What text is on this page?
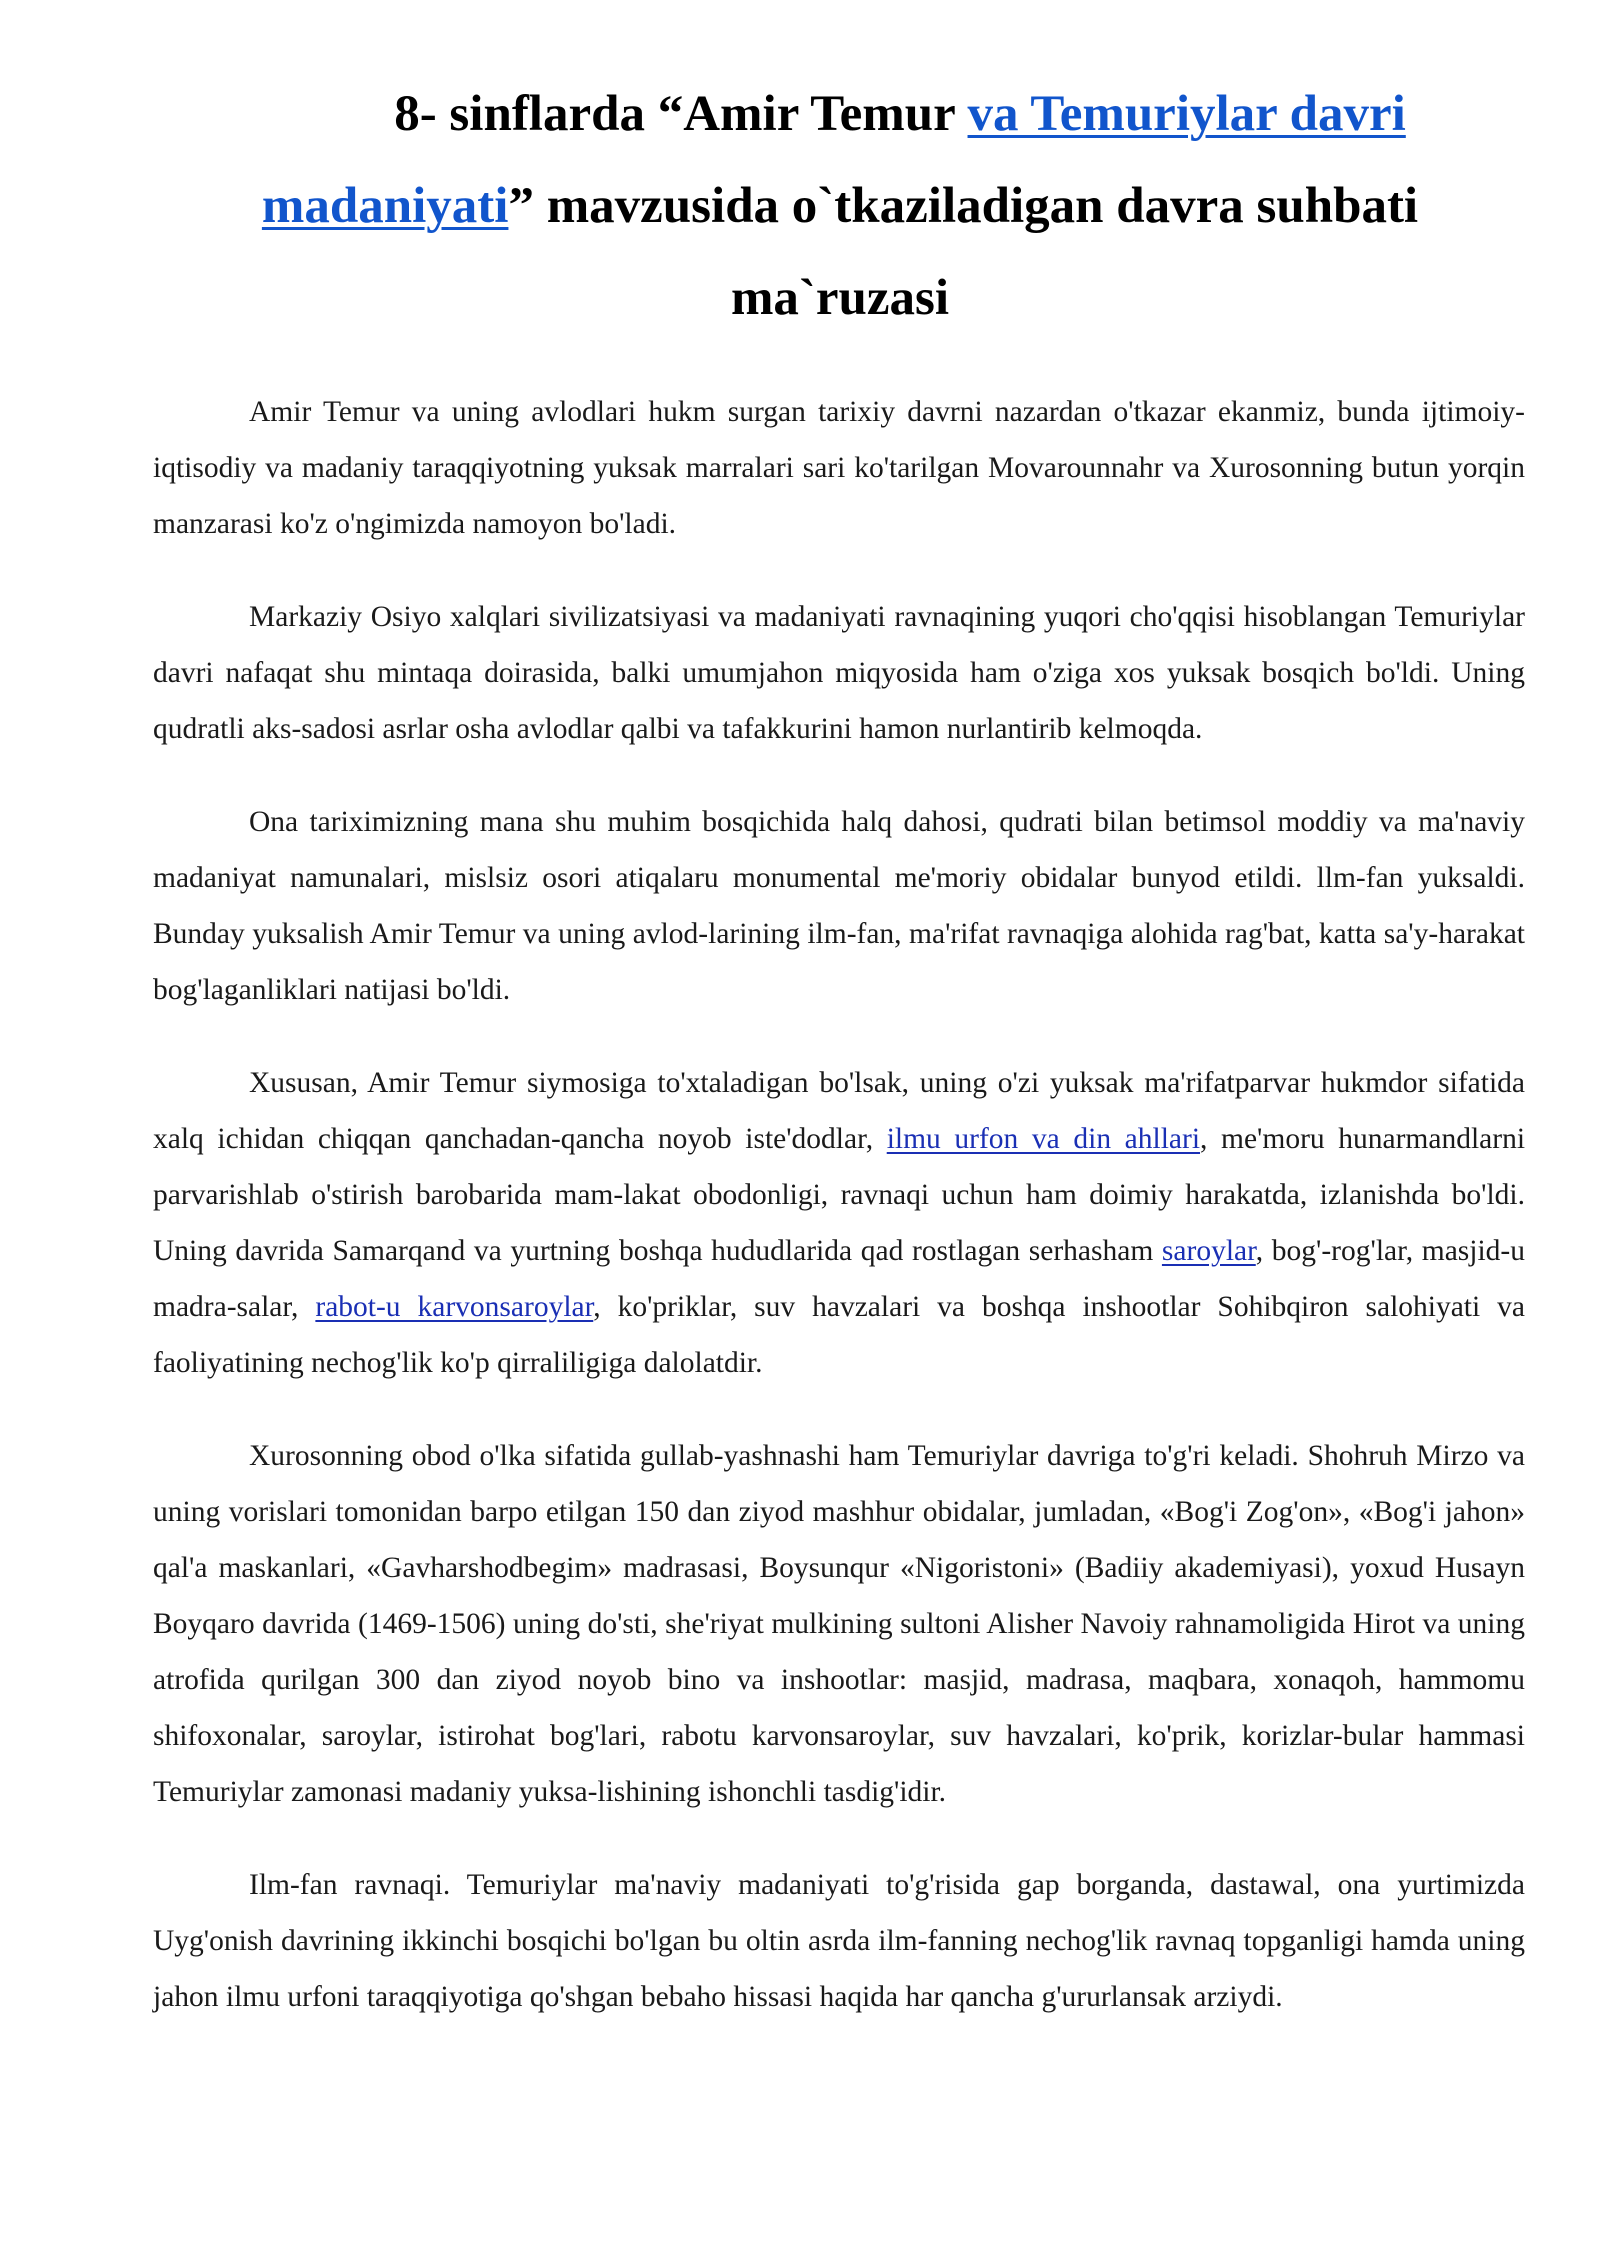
8- sinflarda “Amir Temur va Temuriylar davri
madaniyati” mavzusida o`tkaziladigan davra suhbati
ma`ruzasi

Amir Temur va uning avlodlari hukm surgan tarixiy davrni nazardan o'tkazar ekanmiz, bunda ijtimoiy-iqtisodiy va madaniy taraqqiyotning yuksak marralari sari ko'tarilgan Movarounnahr va Xurosonning butun yorqin manzarasi ko'z o'ngimizda namoyon bo'ladi.

Markaziy Osiyo xalqlari sivilizatsiyasi va madaniyati ravnaqining yuqori cho'qqisi hisoblangan Temuriylar davri nafaqat shu mintaqa doirasida, balki umumjahon miqyosida ham o'ziga xos yuksak bosqich bo'ldi. Uning qudratli aks-sadosi asrlar osha avlodlar qalbi va tafakkurini hamon nurlantirib kelmoqda.

Ona tariximizning mana shu muhim bosqichida halq dahosi, qudrati bilan betimsol moddiy va ma'naviy madaniyat namunalari, mislsiz osori atiqalaru monumental me'moriy obidalar bunyod etildi. llm-fan yuksaldi. Bunday yuksalish Amir Temur va uning avlod-larining ilm-fan, ma'rifat ravnaqiga alohida rag'bat, katta sa'y-harakat bog'laganliklari natijasi bo'ldi.

Xususan, Amir Temur siymosiga to'xtaladigan bo'lsak, uning o'zi yuksak ma'rifatparvar hukmdor sifatida xalq ichidan chiqqan qanchadan-qancha noyob iste'dodlar, ilmu urfon va din ahllari, me'moru hunarmandlarni parvarishlab o'stirish barobarida mam-lakat obodonligi, ravnaqi uchun ham doimiy harakatda, izlanishda bo'ldi. Uning davrida Samarqand va yurtning boshqa hududlarida qad rostlagan serhasham saroylar, bog'-rog'lar, masjid-u madra-salar, rabot-u karvonsaroylar, ko'priklar, suv havzalari va boshqa inshootlar Sohibqiron salohiyati va faoliyatining nechog'lik ko'p qirraliligiga dalolatdir.

Xurosonning obod o'lka sifatida gullab-yashnashi ham Temuriylar davriga to'g'ri keladi. Shohruh Mirzo va uning vorislari tomonidan barpo etilgan 150 dan ziyod mashhur obidalar, jumladan, «Bog'i Zog'on», «Bog'i jahon» qal'a maskanlari, «Gavharshodbegim» madrasasi, Boysunqur «Nigoristoni» (Badiiy akademiyasi), yoxud Husayn Boyqaro davrida (1469-1506) uning do'sti, she'riyat mulkining sultoni Alisher Navoiy rahnamoligida Hirot va uning atrofida qurilgan 300 dan ziyod noyob bino va inshootlar: masjid, madrasa, maqbara, xonaqoh, hammomu shifoxonalar, saroylar, istirohat bog'lari, rabotu karvonsaroylar, suv havzalari, ko'prik, korizlar-bular hammasi Temuriylar zamonasi madaniy yuksa-lishining ishonchli tasdig'idir.

Ilm-fan ravnaqi. Temuriylar ma'naviy madaniyati to'g'risida gap borganda, dastawal, ona yurtimizda Uyg'onish davrining ikkinchi bosqichi bo'lgan bu oltin asrda ilm-fanning nechog'lik ravnaq topganligi hamda uning jahon ilmu urfoni taraqqiyotiga qo'shgan bebaho hissasi haqida har qancha g'ururlansak arziydi.
